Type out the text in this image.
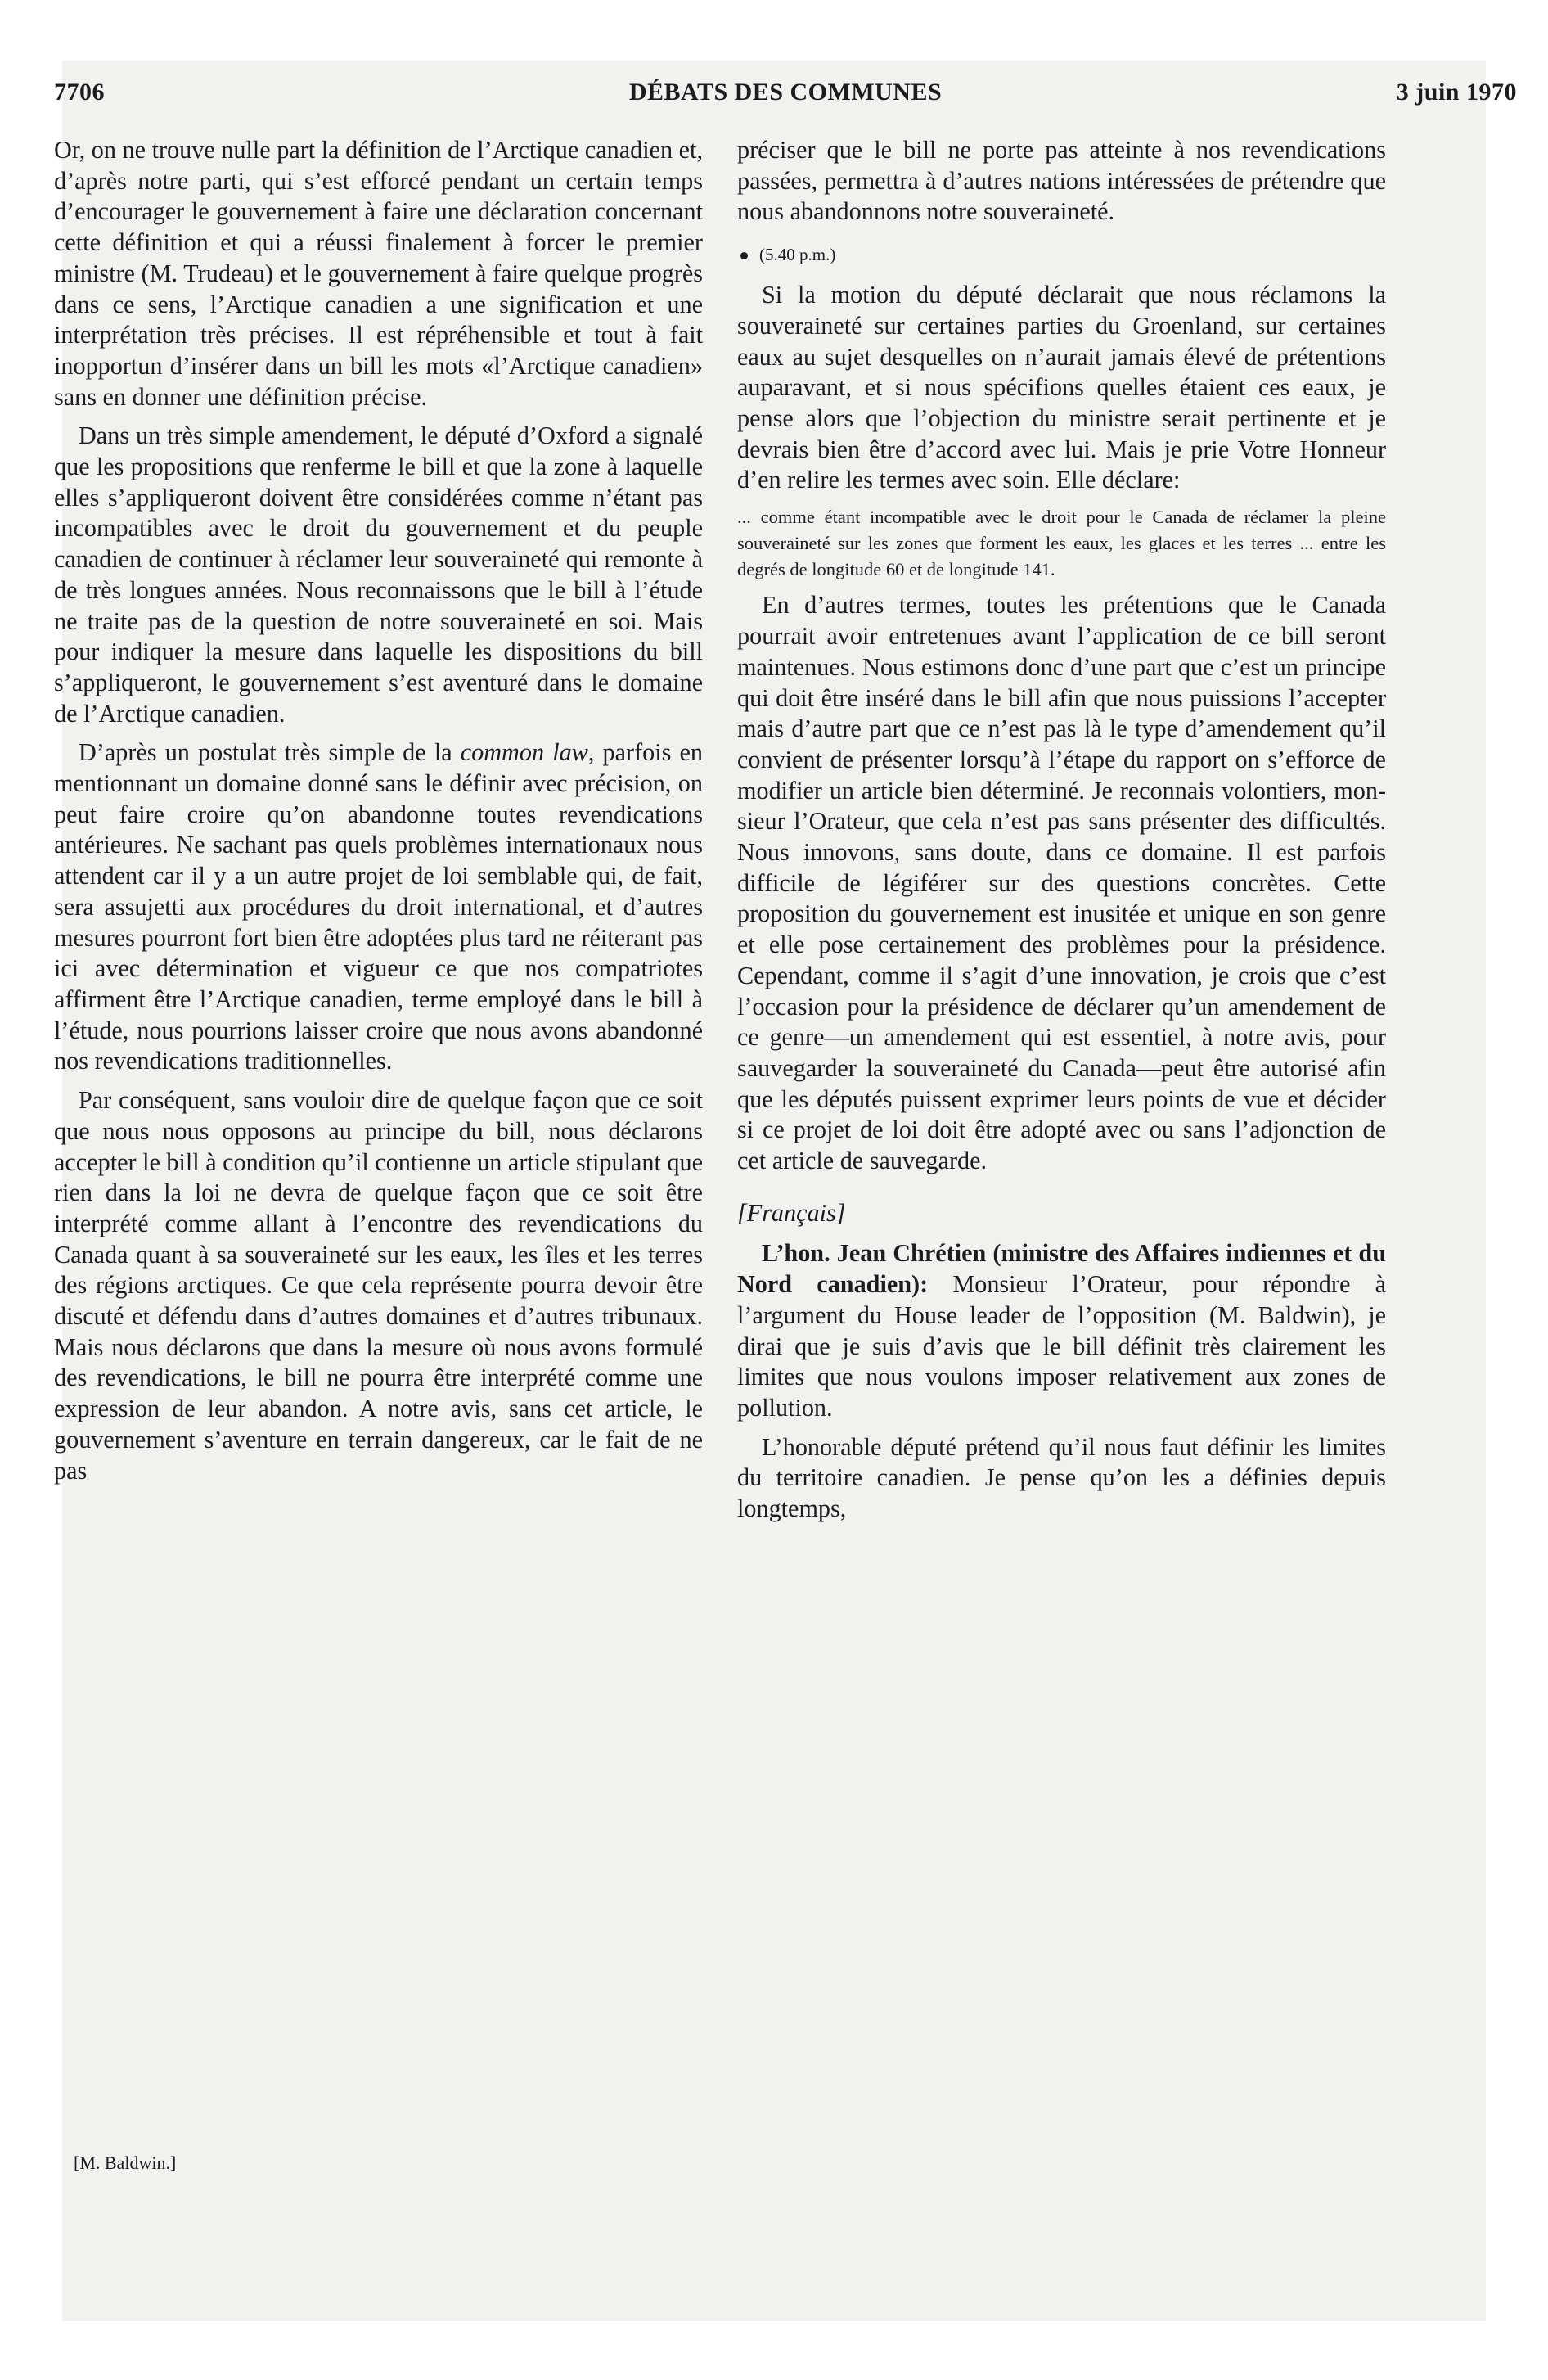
7706	DÉBATS DES COMMUNES	3 juin 1970

Or, on ne trouve nulle part la définition de l’Arctique canadien et, d’après notre parti, qui s’est efforcé pendant un certain temps d’encourager le gouvernement à faire une déclaration concernant cette définition et qui a réussi finalement à forcer le premier ministre (M. Trudeau) et le gouvernement à faire quelque progrès dans ce sens, l’Arctique canadien a une signification et une interprétation très précises. Il est répréhensible et tout à fait inopportun d’insérer dans un bill les mots «l’Arctique canadien» sans en donner une définition précise.

Dans un très simple amendement, le député d’Oxford a signalé que les propositions que renferme le bill et que la zone à laquelle elles s’appliqueront doivent être considérées comme n’étant pas incompatibles avec le droit du gouvernement et du peuple canadien de continuer à réclamer leur souveraineté qui remonte à de très longues années. Nous reconnaissons que le bill à l’étude ne traite pas de la question de notre souveraineté en soi. Mais pour indiquer la mesure dans laquelle les dispositions du bill s’appliqueront, le gouvernement s’est aventuré dans le domaine de l’Arctique canadien.

D’après un postulat très simple de la common law, parfois en mentionnant un domaine donné sans le définir avec précision, on peut faire croire qu’on abandonne toutes revendications antérieures. Ne sachant pas quels problèmes internationaux nous attendent car il y a un autre projet de loi semblable qui, de fait, sera assujetti aux procédures du droit international, et d’autres mesures pourront fort bien être adoptées plus tard ne réiterant pas ici avec détermination et vigueur ce que nos compatriotes affirment être l’Arctique canadien, terme employé dans le bill à l’étude, nous pourrions laisser croire que nous avons abandonné nos revendications traditionnelles.

Par conséquent, sans vouloir dire de quelque façon que ce soit que nous nous opposons au principe du bill, nous déclarons accepter le bill à condition qu’il contienne un article stipulant que rien dans la loi ne devra de quelque façon que ce soit être interprété comme allant à l’encontre des revendications du Canada quant à sa souveraineté sur les eaux, les îles et les terres des régions arctiques. Ce que cela représente pourra devoir être discuté et défendu dans d’autres domaines et d’autres tribunaux. Mais nous déclarons que dans la mesure où nous avons formulé des revendications, le bill ne pourra être interprété comme une expression de leur abandon. A notre avis, sans cet article, le gouvernement s’aventure en terrain dangereux, car le fait de ne pas

préciser que le bill ne porte pas atteinte à nos revendications passées, permettra à d’autres nations intéressées de prétendre que nous abandonnons notre souveraineté.

(5.40 p.m.)

Si la motion du député déclarait que nous réclamons la souveraineté sur certaines parties du Groenland, sur certaines eaux au sujet desquelles on n’aurait jamais élevé de prétentions auparavant, et si nous spécifions quelles étaient ces eaux, je pense alors que l’objection du ministre serait pertinente et je devrais bien être d’accord avec lui. Mais je prie Votre Honneur d’en relire les termes avec soin. Elle déclare:

... comme étant incompatible avec le droit pour le Canada de réclamer la pleine souveraineté sur les zones que forment les eaux, les glaces et les terres ... entre les degrés de longitude 60 et de longitude 141.

En d’autres termes, toutes les prétentions que le Canada pourrait avoir entretenues avant l’application de ce bill seront maintenues. Nous estimons donc d’une part que c’est un principe qui doit être inséré dans le bill afin que nous puissions l’accepter mais d’autre part que ce n’est pas là le type d’amendement qu’il convient de présenter lorsqu’à l’étape du rapport on s’efforce de modifier un article bien déterminé. Je reconnais volontiers, monsieur l’Orateur, que cela n’est pas sans présenter des difficultés. Nous innovons, sans doute, dans ce domaine. Il est parfois difficile de légiférer sur des questions concrètes. Cette proposition du gouvernement est inusitée et unique en son genre et elle pose certainement des problèmes pour la présidence. Cependant, comme il s’agit d’une innovation, je crois que c’est l’occasion pour la présidence de déclarer qu’un amendement de ce genre—un amendement qui est essentiel, à notre avis, pour sauvegarder la souveraineté du Canada—peut être autorisé afin que les députés puissent exprimer leurs points de vue et décider si ce projet de loi doit être adopté avec ou sans l’adjonction de cet article de sauvegarde.

[Français]

L’hon. Jean Chrétien (ministre des Affaires indiennes et du Nord canadien): Monsieur l’Orateur, pour répondre à l’argument du House leader de l’opposition (M. Baldwin), je dirai que je suis d’avis que le bill définit très clairement les limites que nous voulons imposer relativement aux zones de pollution.

L’honorable député prétend qu’il nous faut définir les limites du territoire canadien. Je pense qu’on les a définies depuis longtemps,

[M. Baldwin.]
